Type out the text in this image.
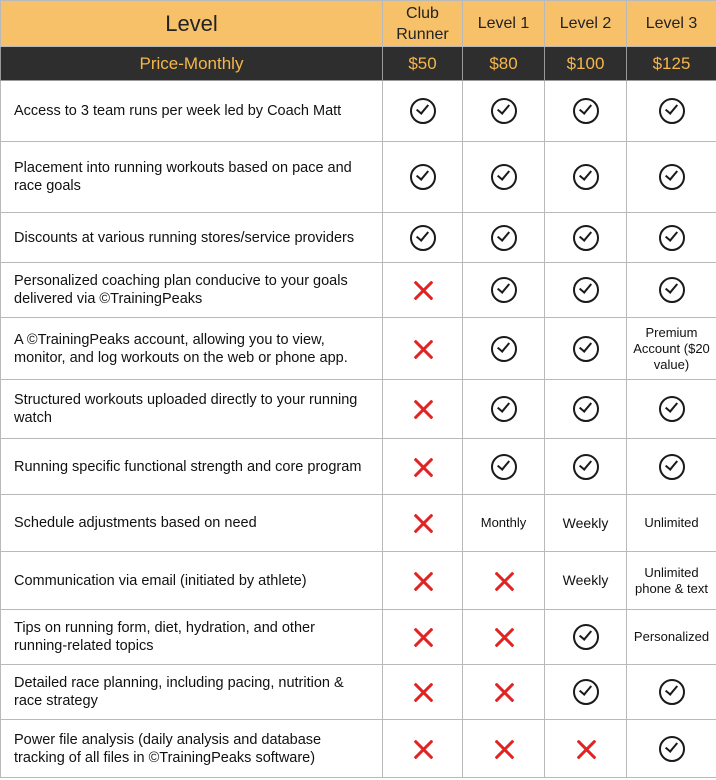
Level	Club Runner	Level 1	Level 2	Level 3
Price-Monthly	$50	$80	$100	$125
Access to 3 team runs per week led by Coach Matt				
Placement into running workouts based on pace and race goals				
Discounts at various running stores/service providers				
Personalized coaching plan conducive to your goals delivered via ©TrainingPeaks				
A ©TrainingPeaks account, allowing you to view, monitor, and log workouts on the web or phone app.				Premium Account ($20 value)
Structured workouts uploaded directly to your running watch				
Running specific functional strength and core program				
Schedule adjustments based on need		Monthly	Weekly	Unlimited
Communication via email (initiated by athlete)			Weekly	Unlimited phone & text
Tips on running form, diet, hydration, and other running-related topics				Personalized
Detailed race planning, including pacing, nutrition & race strategy				
Power file analysis (daily analysis and database tracking of all files in ©TrainingPeaks software)				
